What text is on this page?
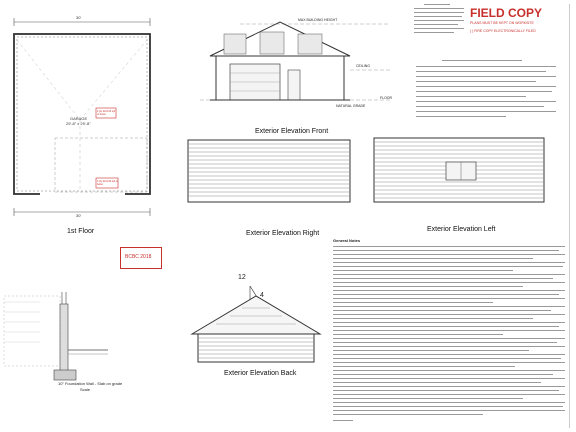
30'
30'
GARAGE
29'-8" x 29'-8"
2 ply 2x10 #2 spf or better
3 ply 2x10 #2 spf or better
1st Floor
MAX BUILDING HEIGHT
CEILING
FLOOR
NATURAL GRADE
Exterior Elevation Front
Exterior Elevation Right
Exterior Elevation Left
BCBC 2018
12
4
Exterior Elevation Back
10" Foundation Wall - Slab on grade
Scale
FIELD COPY
PLANS MUST BE KEPT ON WORKSITE
( ) FIRE COPY ELECTRONICALLY FILED
General Notes
